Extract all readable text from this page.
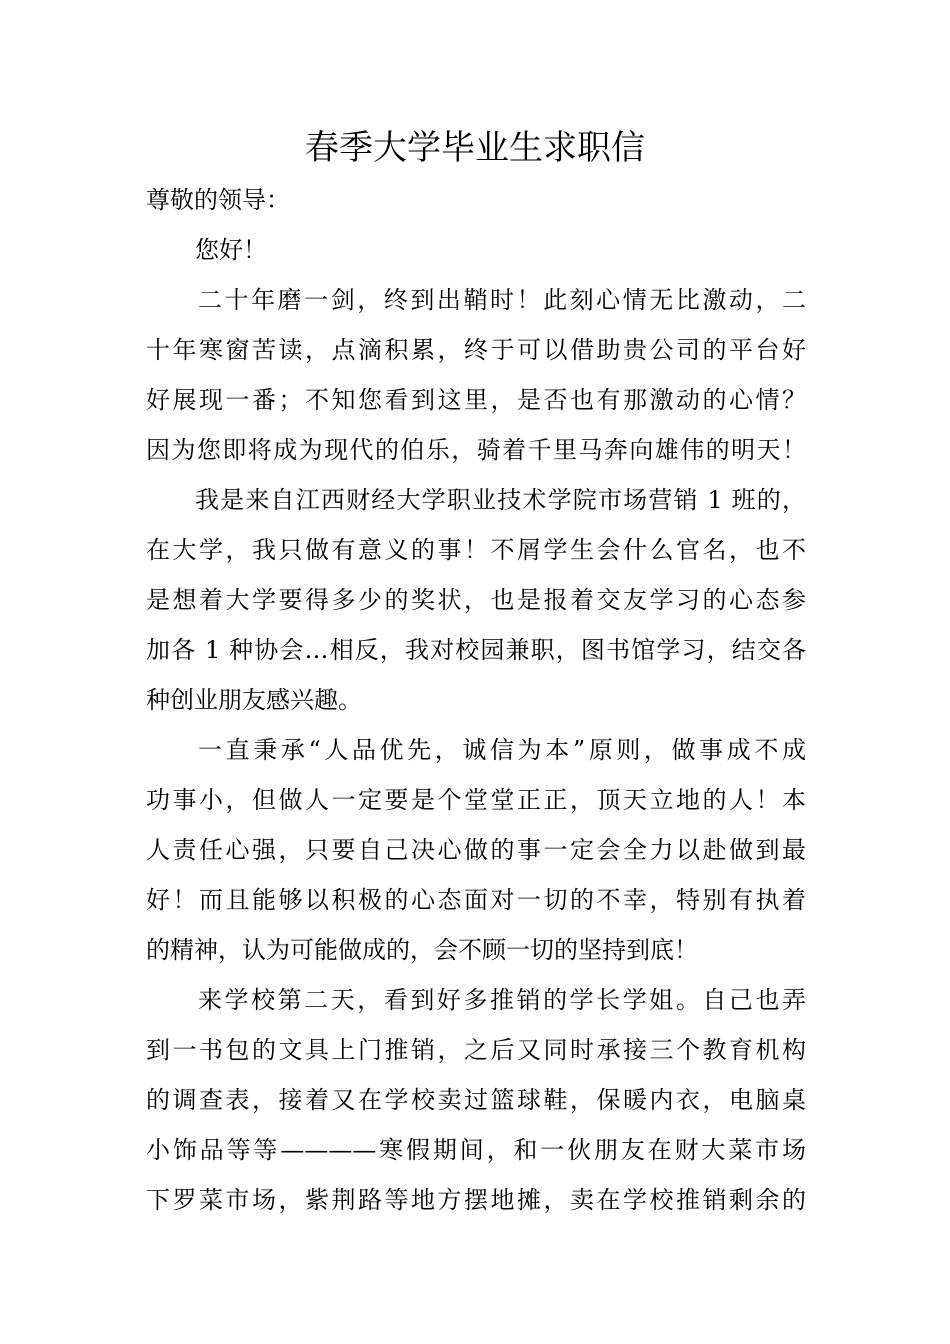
春季大学毕业生求职信

尊敬的领导：

您好！

二十年磨一剑，终到出鞘时！此刻心情无比激动，二

十年寒窗苦读，点滴积累，终于可以借助贵公司的平台好

好展现一番；不知您看到这里，是否也有那激动的心情？

因为您即将成为现代的伯乐，骑着千里马奔向雄伟的明天！

我是来自江西财经大学职业技术学院市场营销 1 班的，

在大学，我只做有意义的事！不屑学生会什么官名，也不

是想着大学要得多少的奖状，也是报着交友学习的心态参

加各 1 种协会…相反，我对校园兼职，图书馆学习，结交各

种创业朋友感兴趣。

一直秉承“人品优先，诚信为本”原则，做事成不成

功事小，但做人一定要是个堂堂正正，顶天立地的人！本

人责任心强，只要自己决心做的事一定会全力以赴做到最

好！而且能够以积极的心态面对一切的不幸，特别有执着

的精神，认为可能做成的，会不顾一切的坚持到底！

来学校第二天，看到好多推销的学长学姐。自己也弄

到一书包的文具上门推销，之后又同时承接三个教育机构

的调查表，接着又在学校卖过篮球鞋，保暖内衣，电脑桌

小饰品等等————寒假期间，和一伙朋友在财大菜市场

下罗菜市场，紫荆路等地方摆地摊，卖在学校推销剩余的
